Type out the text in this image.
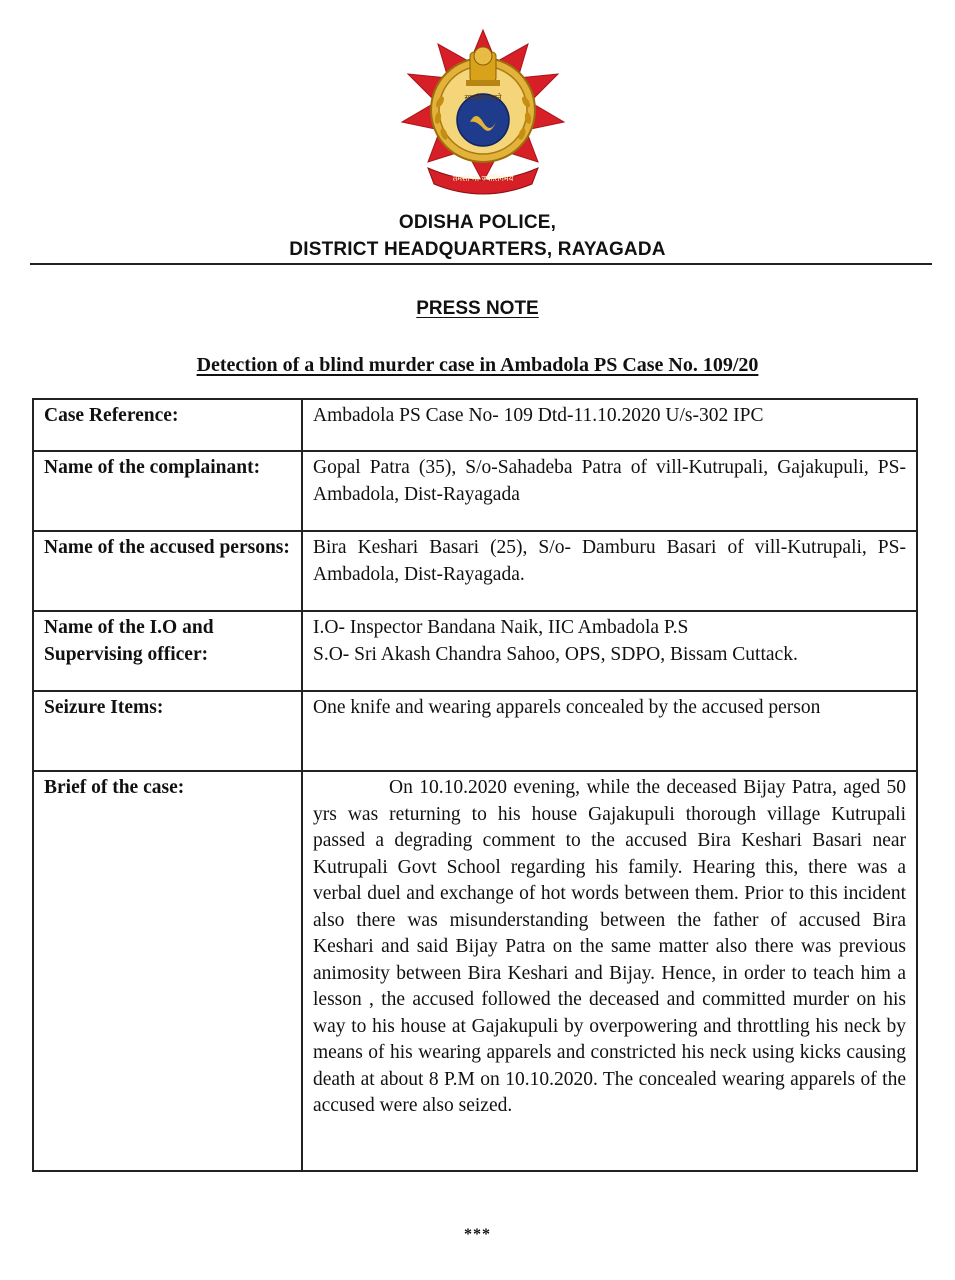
सत्यमेव जयते
तमसो मा ज्योतिर्गमय
ODISHA POLICE,
DISTRICT HEADQUARTERS, RAYAGADA
PRESS NOTE
Detection of a blind murder case in Ambadola PS Case No. 109/20
Case Reference:	Ambadola PS Case No- 109 Dtd-11.10.2020 U/s-302 IPC
Name of the complainant:	Gopal Patra (35), S/o-Sahadeba Patra of vill-Kutrupali, Gajakupuli, PS-Ambadola, Dist-Rayagada
Name of the accused persons:	Bira Keshari Basari (25), S/o- Damburu Basari of vill-Kutrupali, PS-Ambadola, Dist-Rayagada.
Name of the I.O and Supervising officer:	I.O- Inspector Bandana Naik, IIC Ambadola P.S
S.O- Sri Akash Chandra Sahoo, OPS, SDPO, Bissam Cuttack.

Seizure Items:	One knife and wearing apparels concealed by the accused person
Brief of the case:	On 10.10.2020 evening, while the deceased Bijay Patra, aged 50 yrs was returning to his house Gajakupuli thorough village Kutrupali passed a degrading comment to the accused Bira Keshari Basari near Kutrupali Govt School regarding his family. Hearing this, there was a verbal duel and exchange of hot words between them. Prior to this incident also there was misunderstanding between the father of accused Bira Keshari and said Bijay Patra on the same matter also there was previous animosity between Bira Keshari and Bijay. Hence, in order to teach him a lesson , the accused followed the deceased and committed murder on his way to his house at Gajakupuli by overpowering and throttling his neck by means of his wearing apparels and constricted his neck using kicks causing death at about 8 P.M on 10.10.2020. The concealed wearing apparels of the accused were also seized.
***
